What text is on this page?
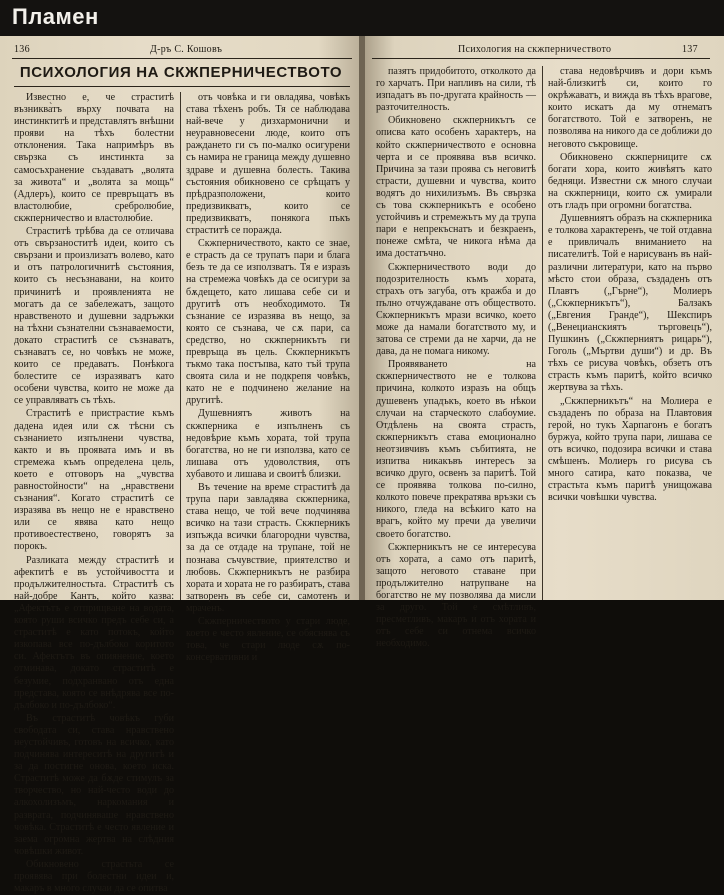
Пламен
136	Д-ръ С. Кошовъ
ПСИХОЛОГИЯ НА СКЖПЕРНИЧЕСТВОТО

Известно е, че страститѣ възниква̀тъ върху почвата на инстинктитѣ и представлятъ внѣшни прояви на тѣхъ болестни отклонения. Така напримѣръ въ свързка съ инстинкта за самосъхранение създаватъ „волята за живота“ и „волята за мощь“ (Адлеръ), които се превръщатъ въ властолюбие, сребролюбие, скжперничество и властолюбие.

Страститѣ трѣбва да се отличава отъ свързаноститѣ идеи, които съ свързани и произлизатъ волево, като и отъ патрологичнитѣ състояния, които съ несъзнавани, на които причинитѣ и проявленията не могатъ да се забележатъ, защото нравственото и душевни задръжки на тѣхни съзнателни съзнаваемости, докато страститѣ се съзнаватъ, съзнаватъ се, но човѣкъ не може, които се предаватъ. Понѣкога болестите се изразяватъ като особени чувства, които не може да се управляватъ съ тѣхъ.

Страститѣ е пристрастие къмъ дадена идея или сѫ тѣсни съ съзнанието изпълнени чувства, както и въ проявата имъ и въ стремежа къмъ определена цель, което е отговоръ на „чувства равностойности“ на „нравствени съзнания“. Когато страститѣ се изразява въ нещо не е нравствено или се явява като нещо противоестествено, говорятъ за порокъ.

Разликата между страститѣ и афектитѣ е въ устойчивостта и продължителностьта. Страститѣ съ най-добре Кантъ, който казва: „Афектътъ е отприщване на водата, която руши всичко предъ себе си, а страститѣ е като потокъ, който изкопава все по-дълбоко коритото си. Афектътъ въ опиянение, което отминава, докато страститѣ е безумие, подхранвано отъ една представа, която се внѣдрява все по-дълбоко и по-дълбоко“.

Въ страститѣ човѣкъ губи свободата си, става нравствено неустойчивъ, готовъ на всичко, като подчинява интереситѣ на другитѣ и за да постигне онова, което иска. Страститѣ може да бѫде стимулъ за творчество, но най-често води до алкохолизъмъ, наркомания и разврата, подчиняваше нравствено човѣка. Страститѣ е често явление и заема огромна жертва на слѣдния човѣшки живот.

Обикновено страстьта се проявява при болестни идеи и, макаръ в много случаи да се опитва

отъ човѣка и ги овладява, човѣкъ става тѣхенъ робъ. Тя се наблюдава най-вече у дизхармонични и неуравновесени люде, които отъ раждането ги съ по-малко осигурени съ намира не граница между душевно здраве и душевна болесть. Такива състояния обикновено се срѣщатъ у прѣдразположени, които предизвикватъ, които се предизвикватъ, понякога пъкъ страститѣ се поражда.

Скжперничеството, както се знае, е страсть да се трупатъ пари и блага безъ те да се използватъ. Тя е изразъ на стремежа човѣкъ да се осигури за бѫдещето, като лишава себе си и другитѣ отъ необходимото. Тя съзнание се изразява въ нещо, за която се съзнава, че сѫ пари, са средство, но скжперникътъ ги превръща въ цель. Скжперникътъ тъкмо така постъпва, като тъй трупа своята сила и не подкрепя човѣкъ, като не е подчинено желание на другитѣ.

Душевниятъ животъ на скжперника е изпълненъ съ недовѣрие къмъ хората, той трупа богатства, но не ги използва, като се лишава отъ удоволствия, отъ хубавото и лишава и своитѣ близки.

Въ течение на време страститѣ да трупа пари завладява скжперника, става нещо, че той вече подчинява всичко на тази страсть. Скжперникъ изпъжда всички благородни чувства, за да се отдаде на трупане, той не познава съчувствие, приятелство и любовь. Скжперникътъ не разбира хората и хората не го разбиратъ, става затворенъ въ себе си, самотенъ и мраченъ.

Скжперничеството у стари люде, което е често явление, се обяснява съ това, че стари люде сѫ по-консервативни и

Психология на скжперничеството	137

пазятъ придобитото, отколкото да го харчатъ. При напливъ на сили, тѣ изпадатъ въ по-другата крайность — разточителность.

Обикновено скжперникътъ се описва като особенъ характеръ, на който скжперничеството е основна черта и се проявява във всичко. Причина за тази проява съ неговитѣ страсти, душевни и чувства, които водятъ до нихилизъмъ. Въ свързка съ това скжперникътъ е особено устойчивъ и стремежътъ му да трупа пари е непрекъснатъ и безкраенъ, понеже смѣта, че никога нѣма да има достатъчно.

Скжперничеството води до подозрителность къмъ хората, страхъ отъ загуба, отъ кражба и до пълно отчуждаване отъ обществото. Скжперникътъ мрази всичко, което може да намали богатството му, и затова се стреми да не харчи, да не дава, да не помага никому.

Проявяването на скжперничеството не е толкова причина, колкото изразъ на общъ душевенъ упадъкъ, което въ нѣкои случаи на старческото слабоумие. Отдѣлень на своята страсть, скжперникътъ става емоционално неотзивчивъ къмъ събитията, не изпитва никакъвъ интересъ за всичко друго, освенъ за паритѣ. Той се проявява толкова по-силно, колкото повече прекратява връзки съ никого, гледа на всѣкиго като на врагъ, който му пречи да увеличи своето богатство.

Скжперникътъ не се интересува отъ хората, а само отъ паритѣ, защото неговото ставане при продължително натрупване на богатство не му позволява да мисли за друго. Той е смѣтливъ, пресметливъ, макаръ и отъ хората и отъ себе си отнема всичко необходимо.

става недовѣрчивъ и дори къмъ най-близкитѣ си, които го окрѣжаватъ, и вижда въ тѣхъ врагове, които искатъ да му отнематъ богатството. Той е затворенъ, не позволява на никого да се доближи до неговото съкровище.

Обикновено скжперниците сѫ богати хора, които живѣятъ като бедняци. Известни сѫ много случаи на скжперници, които сѫ умирали отъ гладъ при огромни богатства.

Душевниятъ образъ на скжперника е толкова характеренъ, че той отдавна е привличалъ вниманието на писателитѣ. Той е нарисуванъ въ най-различни литератури, като на първо мѣсто стои образа, създаденъ отъ Плавтъ („Гърне“), Молиеръ („Скжперникътъ“), Балзакъ („Евгения Гранде“), Шекспиръ („Венецианскиятъ търговецъ“), Пушкинъ („Скжперниятъ рицарь“), Гоголь („Мъртви души“) и др. Въ тѣхъ се рисува човѣкъ, обзетъ отъ страсть къмъ паритѣ, който всичко жертвува за тѣхъ.

„Скжперникътъ“ на Молиера е създаденъ по образа на Плавтовия герой, но тукъ Харпагонъ е богатъ буржуа, който трупа пари, лишава се отъ всичко, подозира всички и става смѣшенъ. Молиеръ го рисува съ много сатира, като показва, че страстьта къмъ паритѣ унищожава всички човѣшки чувства.
